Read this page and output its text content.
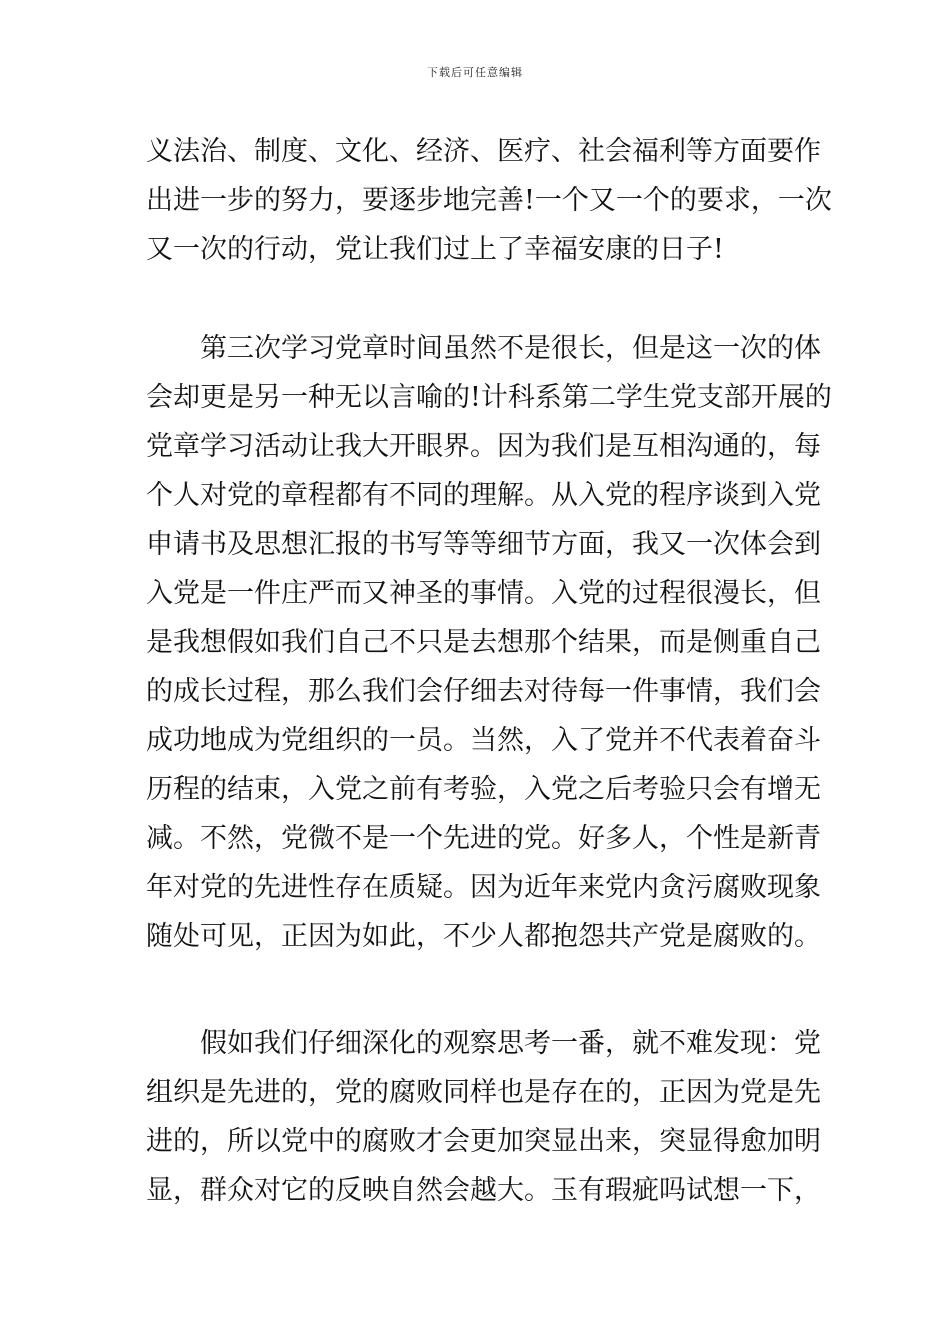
下载后可任意编辑
义法治、制度、文化、经济、医疗、社会福利等方面要作
出进一步的努力，要逐步地完善!一个又一个的要求，一次
又一次的行动，党让我们过上了幸福安康的日子!
第三次学习党章时间虽然不是很长，但是这一次的体
会却更是另一种无以言喻的!计科系第二学生党支部开展的
党章学习活动让我大开眼界。因为我们是互相沟通的，每
个人对党的章程都有不同的理解。从入党的程序谈到入党
申请书及思想汇报的书写等等细节方面，我又一次体会到
入党是一件庄严而又神圣的事情。入党的过程很漫长，但
是我想假如我们自己不只是去想那个结果，而是侧重自己
的成长过程，那么我们会仔细去对待每一件事情，我们会
成功地成为党组织的一员。当然，入了党并不代表着奋斗
历程的结束，入党之前有考验，入党之后考验只会有增无
减。不然，党微不是一个先进的党。好多人，个性是新青
年对党的先进性存在质疑。因为近年来党内贪污腐败现象
随处可见，正因为如此，不少人都抱怨共产党是腐败的。
假如我们仔细深化的观察思考一番，就不难发现：党
组织是先进的，党的腐败同样也是存在的，正因为党是先
进的，所以党中的腐败才会更加突显出来，突显得愈加明
显，群众对它的反映自然会越大。玉有瑕疵吗试想一下，
